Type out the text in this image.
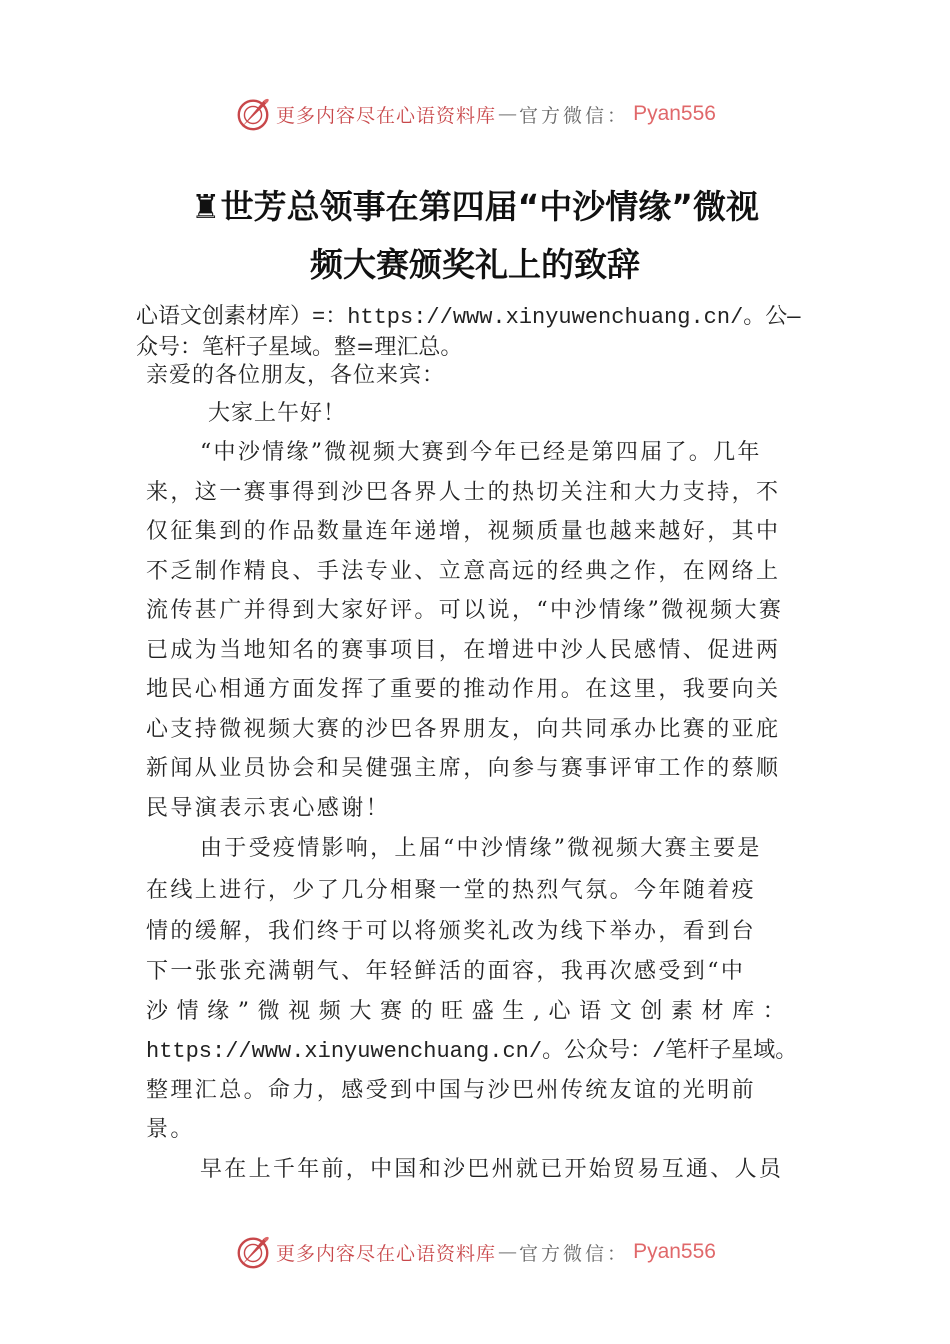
更多内容尽在心语资料库 — 官方微信： Pyan556
♜世芳总领事在第四届“中沙情缘”微视
频大赛颁奖礼上的致辞
心语文创素材库）=：https://www.xinyuwenchuang.cn/。公—
众号：笔杆子星域。整=理汇总。
亲爱的各位朋友，各位来宾：
大家上午好！
“中沙情缘”微视频大赛到今年已经是第四届了。几年
来，这一赛事得到沙巴各界人士的热切关注和大力支持，不
仅征集到的作品数量连年递增，视频质量也越来越好，其中
不乏制作精良、手法专业、立意高远的经典之作，在网络上
流传甚广并得到大家好评。可以说，“中沙情缘”微视频大赛
已成为当地知名的赛事项目，在增进中沙人民感情、促进两
地民心相通方面发挥了重要的推动作用。在这里，我要向关
心支持微视频大赛的沙巴各界朋友，向共同承办比赛的亚庇
新闻从业员协会和吴健强主席，向参与赛事评审工作的蔡顺
民导演表示衷心感谢！
由于受疫情影响，上届“中沙情缘”微视频大赛主要是
在线上进行，少了几分相聚一堂的热烈气氛。今年随着疫
情的缓解，我们终于可以将颁奖礼改为线下举办，看到台
下一张张充满朝气、年轻鲜活的面容，我再次感受到“中
沙 情 缘 ” 微 视 频 大 赛 的 旺 盛 生 , 心 语 文 创 素 材 库 ：
https://www.xinyuwenchuang.cn/。公众号：/笔杆子星域。
整理汇总。命力，感受到中国与沙巴州传统友谊的光明前
景。
早在上千年前，中国和沙巴州就已开始贸易互通、人员
更多内容尽在心语资料库 — 官方微信： Pyan556
